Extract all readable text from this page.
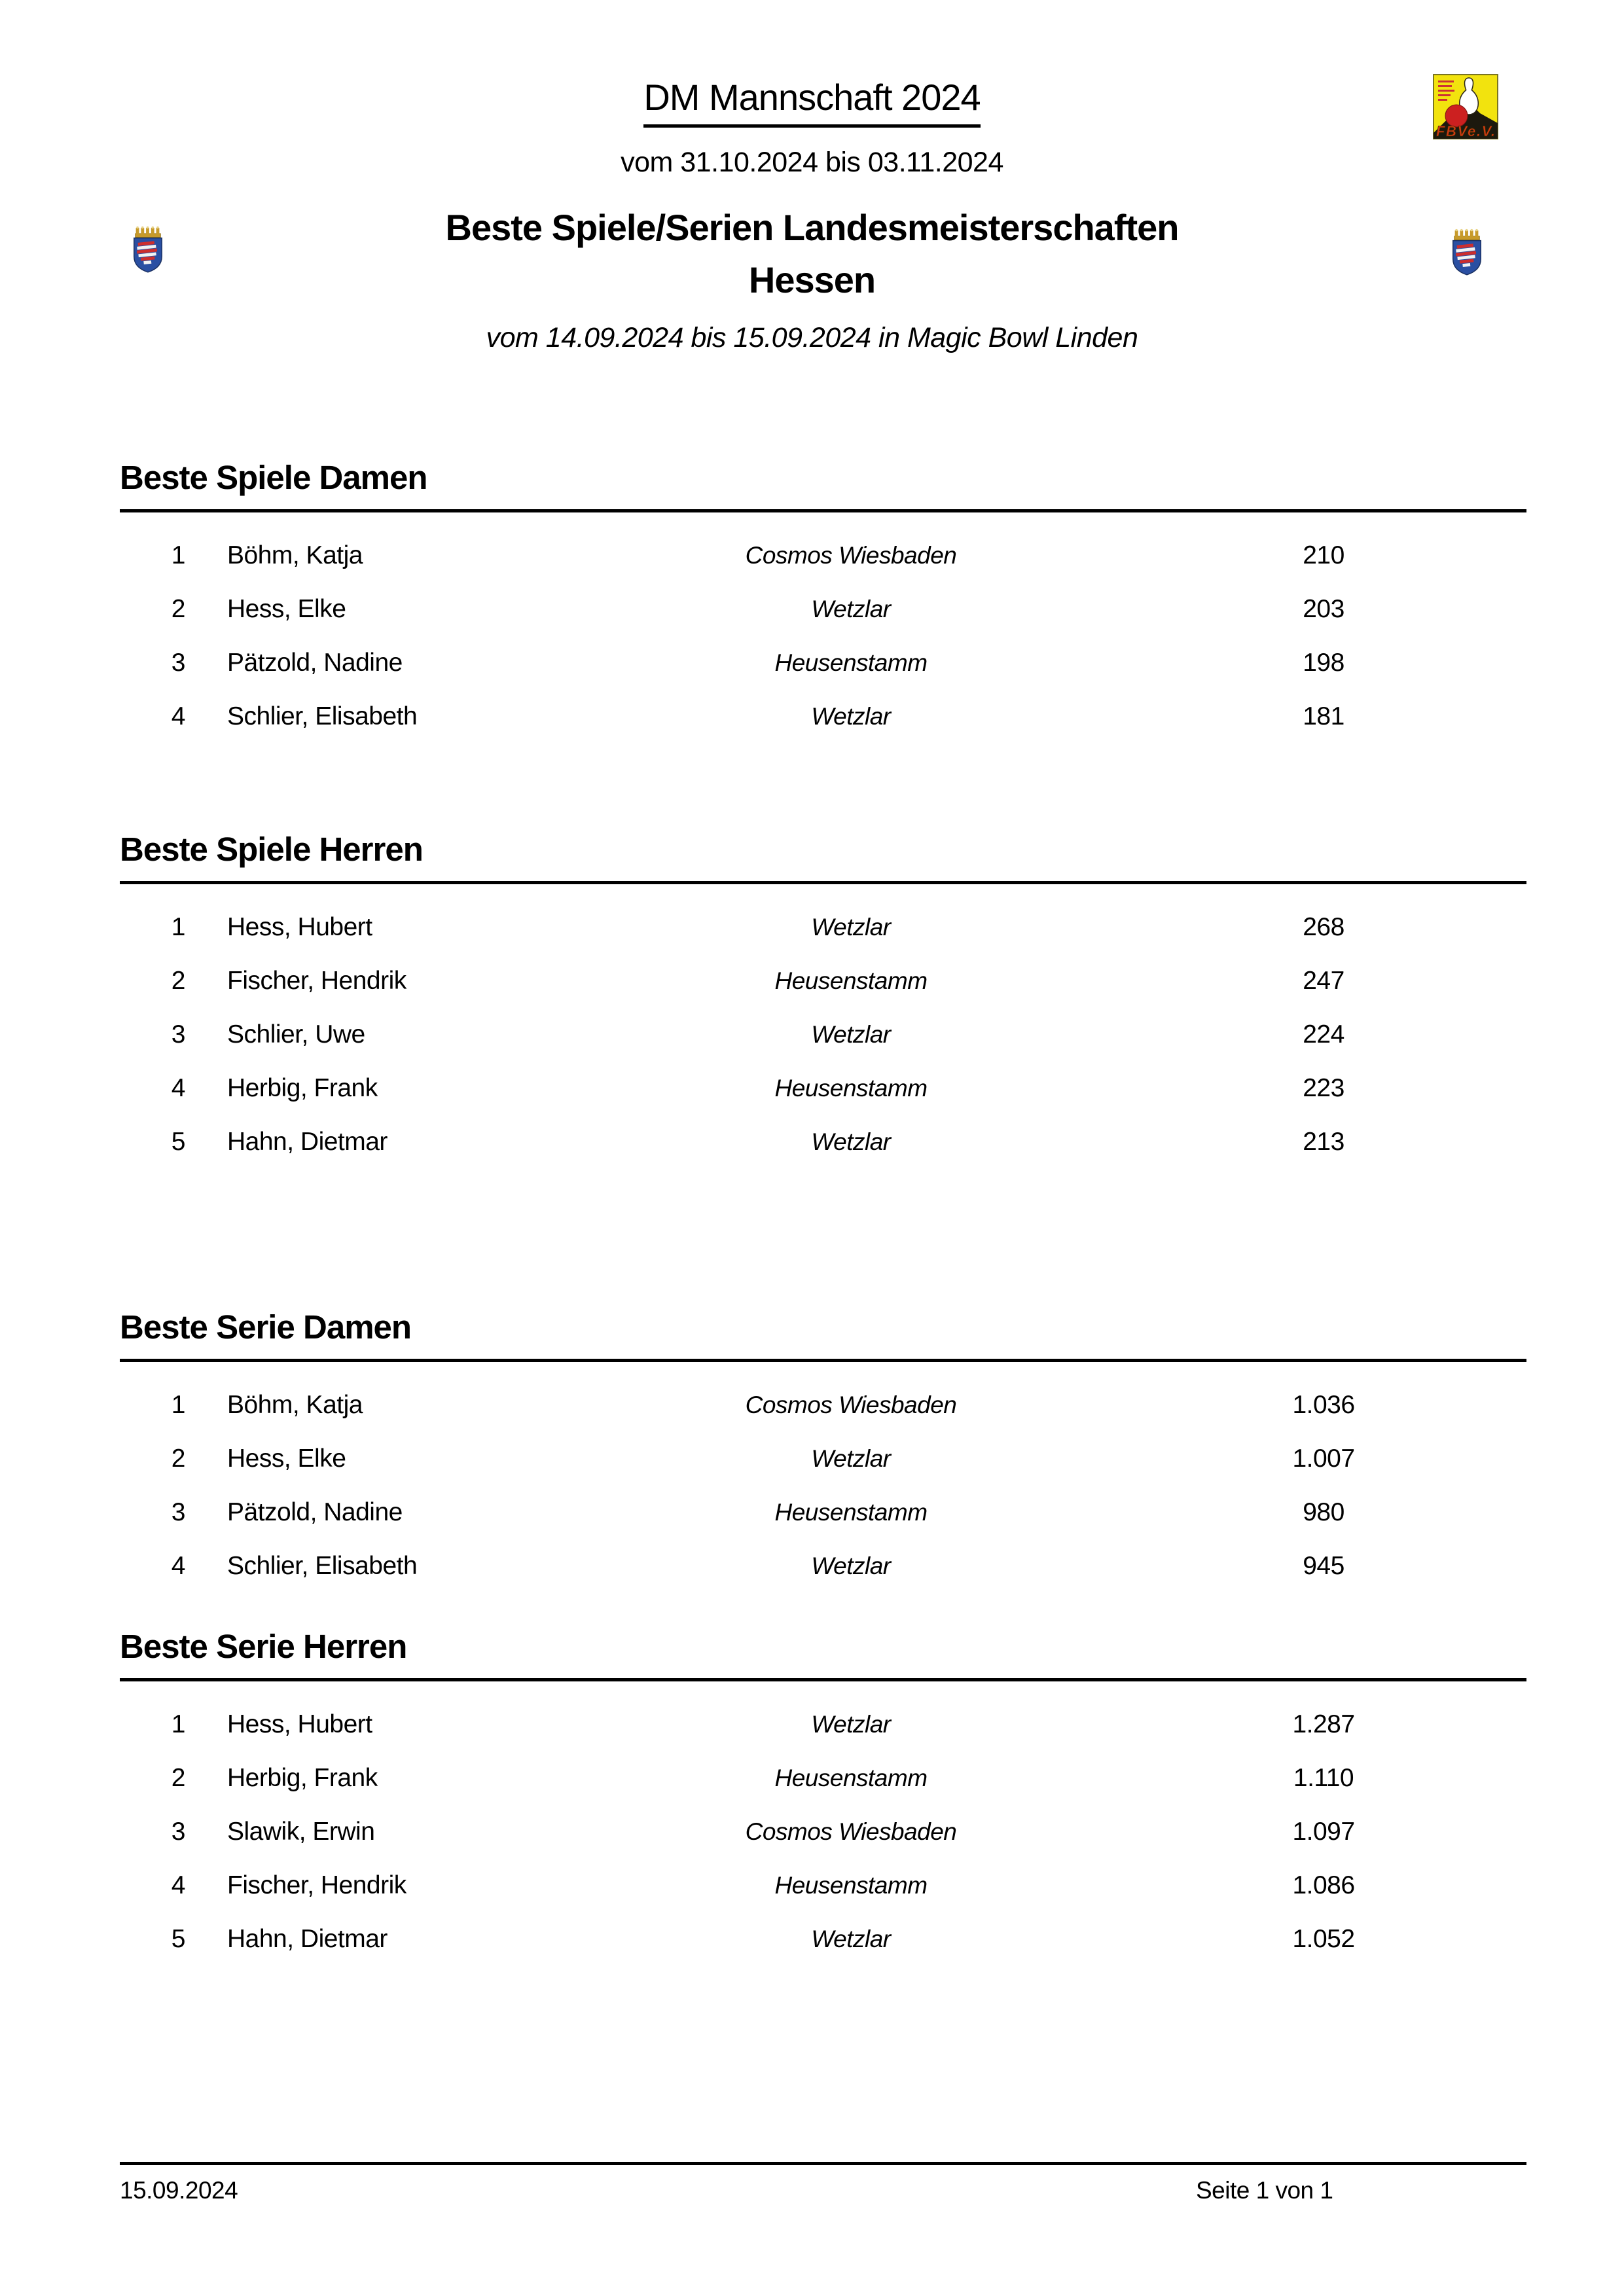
DM Mannschaft 2024
vom 31.10.2024 bis 03.11.2024
FBVe.V.
Beste Spiele/Serien Landesmeisterschaften
Hessen
vom 14.09.2024 bis 15.09.2024 in Magic Bowl Linden
Beste Spiele Damen
1 Böhm, Katja	Cosmos Wiesbaden	210
2 Hess, Elke	Wetzlar	203
3 Pätzold, Nadine	Heusenstamm	198
4 Schlier, Elisabeth	Wetzlar	181
Beste Spiele Herren
1 Hess, Hubert	Wetzlar	268
2 Fischer, Hendrik	Heusenstamm	247
3 Schlier, Uwe	Wetzlar	224
4 Herbig, Frank	Heusenstamm	223
5 Hahn, Dietmar	Wetzlar	213
Beste Serie Damen
1 Böhm, Katja	Cosmos Wiesbaden	1.036
2 Hess, Elke	Wetzlar	1.007
3 Pätzold, Nadine	Heusenstamm	980
4 Schlier, Elisabeth	Wetzlar	945
Beste Serie Herren
1 Hess, Hubert	Wetzlar	1.287
2 Herbig, Frank	Heusenstamm	1.110
3 Slawik, Erwin	Cosmos Wiesbaden	1.097
4 Fischer, Hendrik	Heusenstamm	1.086
5 Hahn, Dietmar	Wetzlar	1.052
15.09.2024	Seite 1 von 1
